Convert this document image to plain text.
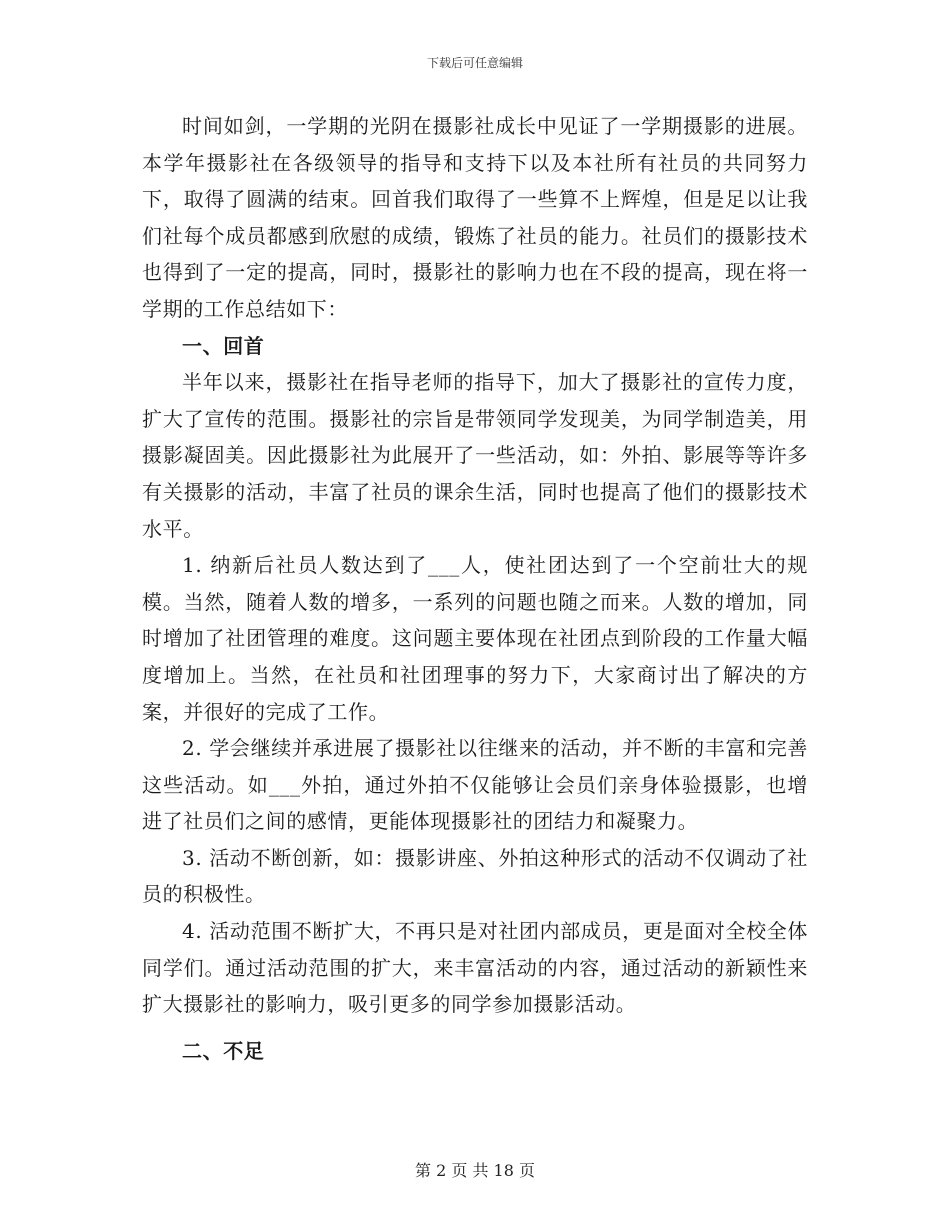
下载后可任意编辑

时间如剑，一学期的光阴在摄影社成长中见证了一学期摄影的进展。本学年摄影社在各级领导的指导和支持下以及本社所有社员的共同努力下，取得了圆满的结束。回首我们取得了一些算不上辉煌，但是足以让我们社每个成员都感到欣慰的成绩，锻炼了社员的能力。社员们的摄影技术也得到了一定的提高，同时，摄影社的影响力也在不段的提高，现在将一学期的工作总结如下：

一、回首

半年以来，摄影社在指导老师的指导下，加大了摄影社的宣传力度，扩大了宣传的范围。摄影社的宗旨是带领同学发现美，为同学制造美，用摄影凝固美。因此摄影社为此展开了一些活动，如：外拍、影展等等许多有关摄影的活动，丰富了社员的课余生活，同时也提高了他们的摄影技术水平。

1. 纳新后社员人数达到了___人，使社团达到了一个空前壮大的规模。当然，随着人数的增多，一系列的问题也随之而来。人数的增加，同时增加了社团管理的难度。这问题主要体现在社团点到阶段的工作量大幅度增加上。当然，在社员和社团理事的努力下，大家商讨出了解决的方案，并很好的完成了工作。

2. 学会继续并承进展了摄影社以往继来的活动，并不断的丰富和完善这些活动。如___外拍，通过外拍不仅能够让会员们亲身体验摄影，也增进了社员们之间的感情，更能体现摄影社的团结力和凝聚力。

3. 活动不断创新，如：摄影讲座、外拍这种形式的活动不仅调动了社员的积极性。

4. 活动范围不断扩大，不再只是对社团内部成员，更是面对全校全体同学们。通过活动范围的扩大，来丰富活动的内容，通过活动的新颖性来扩大摄影社的影响力，吸引更多的同学参加摄影活动。

二、不足

第 2 页 共 18 页
